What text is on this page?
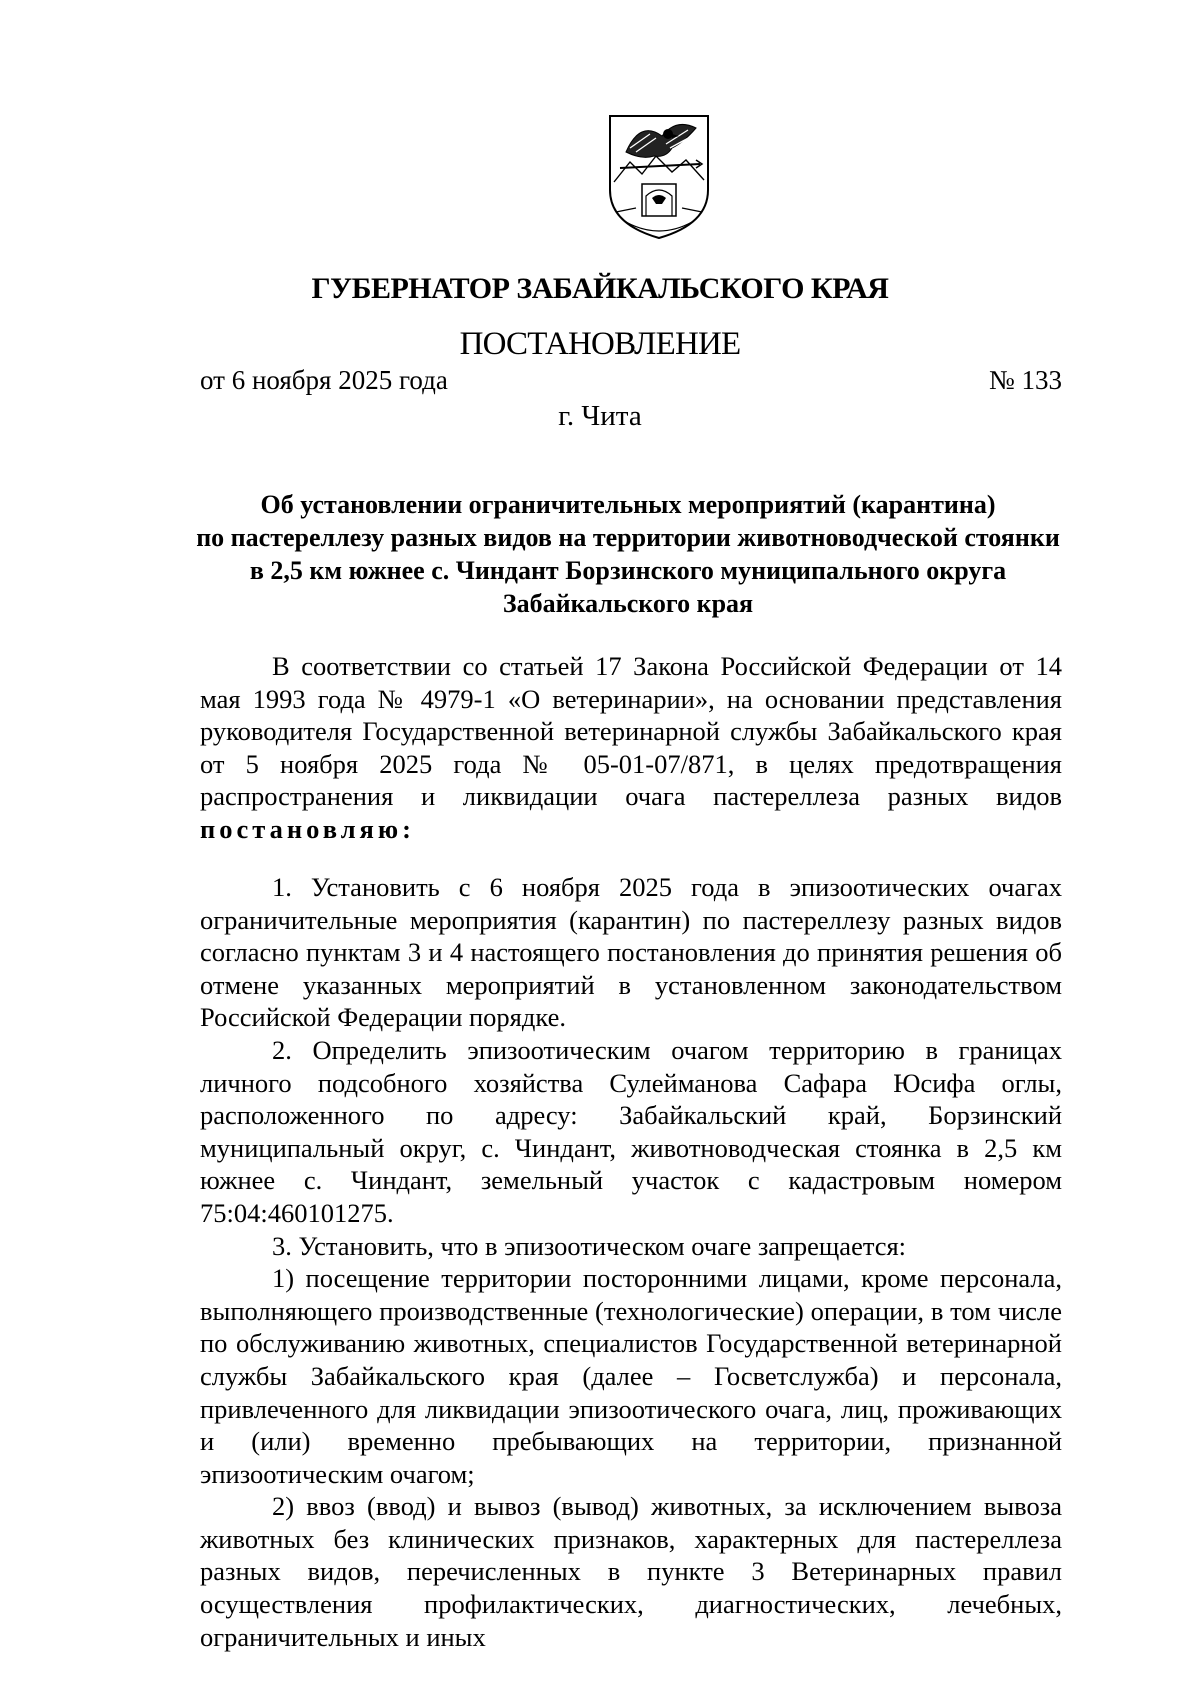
ГУБЕРНАТОР ЗАБАЙКАЛЬСКОГО КРАЯ
ПОСТАНОВЛЕНИЕ
от 6 ноября 2025 года	№ 133
г. Чита
Об установлении ограничительных мероприятий (карантина)
по пастереллезу разных видов на территории животноводческой стоянки
в 2,5 км южнее с. Чиндант Борзинского муниципального округа
Забайкальского края

В соответствии со статьей 17 Закона Российской Федерации от 14 мая 1993 года № 4979-1 «О ветеринарии», на основании представления руководителя Государственной ветеринарной службы Забайкальского края от 5 ноября 2025 года № 05-01-07/871, в целях предотвращения распространения и ликвидации очага пастереллеза разных видов постановляю:

1. Установить с 6 ноября 2025 года в эпизоотических очагах ограничительные мероприятия (карантин) по пастереллезу разных видов согласно пунктам 3 и 4 настоящего постановления до принятия решения об отмене указанных мероприятий в установленном законодательством Российской Федерации порядке.

2. Определить эпизоотическим очагом территорию в границах личного подсобного хозяйства Сулейманова Сафара Юсифа оглы, расположенного по адресу: Забайкальский край, Борзинский муниципальный округ, с. Чиндант, животноводческая стоянка в 2,5 км южнее с. Чиндант, земельный участок с кадастровым номером 75:04:460101275.

3. Установить, что в эпизоотическом очаге запрещается:

1) посещение территории посторонними лицами, кроме персонала, выполняющего производственные (технологические) операции, в том числе по обслуживанию животных, специалистов Государственной ветеринарной службы Забайкальского края (далее – Госветслужба) и персонала, привлеченного для ликвидации эпизоотического очага, лиц, проживающих и (или) временно пребывающих на территории, признанной эпизоотическим очагом;

2) ввоз (ввод) и вывоз (вывод) животных, за исключением вывоза животных без клинических признаков, характерных для пастереллеза разных видов, перечисленных в пункте 3 Ветеринарных правил осуществления профилактических, диагностических, лечебных, ограничительных и иных
